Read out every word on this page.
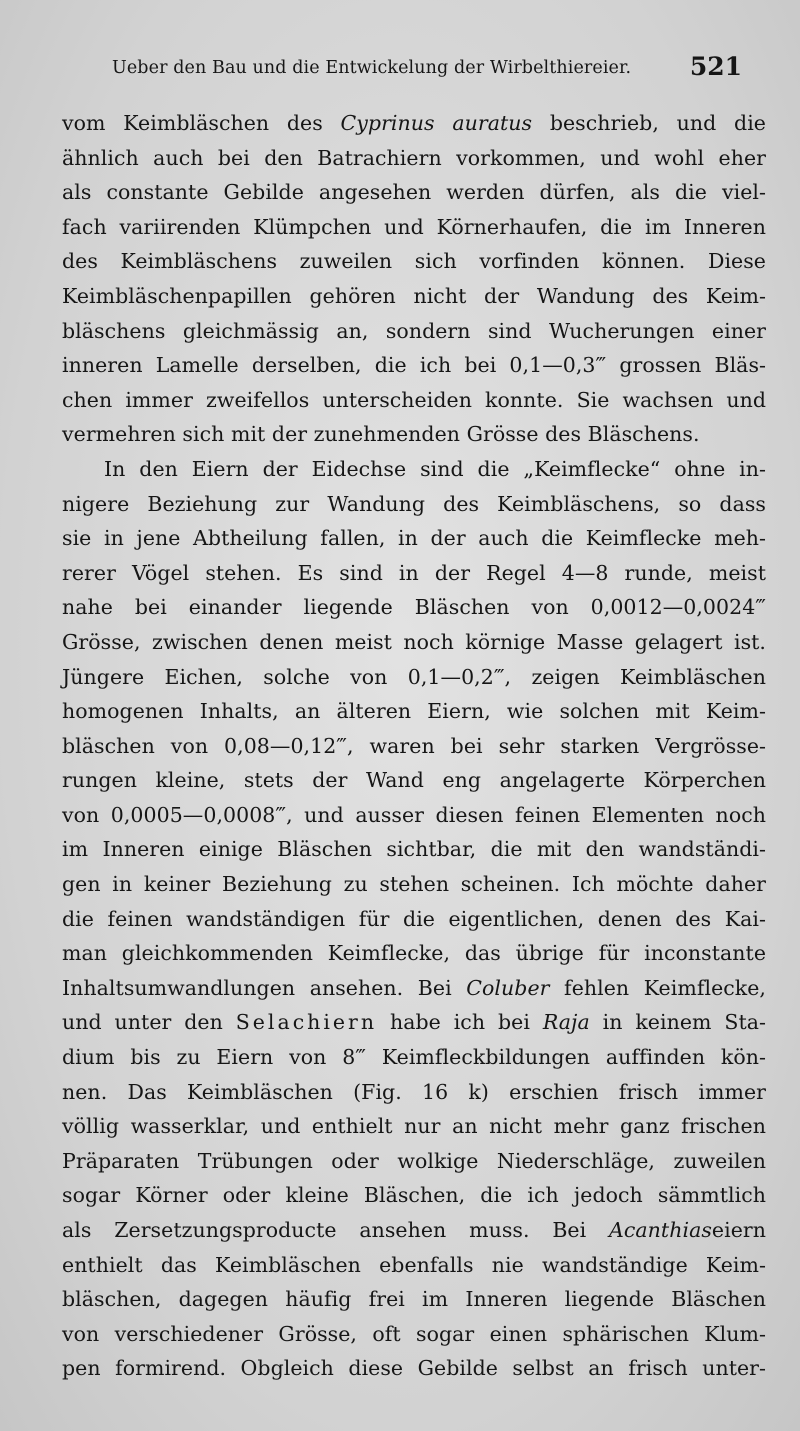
Ueber den Bau und die Entwickelung der Wirbelthiereier. 521
vom Keimbläschen des Cyprinus auratus beschrieb, und die
ähnlich auch bei den Batrachiern vorkommen, und wohl eher
als constante Gebilde angesehen werden dürfen, als die viel-
fach variirenden Klümpchen und Körnerhaufen, die im Inneren
des Keimbläschens zuweilen sich vorfinden können. Diese
Keimbläschenpapillen gehören nicht der Wandung des Keim-
bläschens gleichmässig an, sondern sind Wucherungen einer
inneren Lamelle derselben, die ich bei 0,1—0,3‴ grossen Bläs-
chen immer zweifellos unterscheiden konnte. Sie wachsen und
vermehren sich mit der zunehmenden Grösse des Bläschens.
In den Eiern der Eidechse sind die „Keimflecke“ ohne in-
nigere Beziehung zur Wandung des Keimbläschens, so dass
sie in jene Abtheilung fallen, in der auch die Keimflecke meh-
rerer Vögel stehen. Es sind in der Regel 4—8 runde, meist
nahe bei einander liegende Bläschen von 0,0012—0,0024‴
Grösse, zwischen denen meist noch körnige Masse gelagert ist.
Jüngere Eichen, solche von 0,1—0,2‴, zeigen Keimbläschen
homogenen Inhalts, an älteren Eiern, wie solchen mit Keim-
bläschen von 0,08—0,12‴, waren bei sehr starken Vergrösse-
rungen kleine, stets der Wand eng angelagerte Körperchen
von 0,0005—0,0008‴, und ausser diesen feinen Elementen noch
im Inneren einige Bläschen sichtbar, die mit den wandständi-
gen in keiner Beziehung zu stehen scheinen. Ich möchte daher
die feinen wandständigen für die eigentlichen, denen des Kai-
man gleichkommenden Keimflecke, das übrige für inconstante
Inhaltsumwandlungen ansehen. Bei Coluber fehlen Keimflecke,
und unter den Selachiern habe ich bei Raja in keinem Sta-
dium bis zu Eiern von 8‴ Keimfleckbildungen auffinden kön-
nen. Das Keimbläschen (Fig. 16 k) erschien frisch immer
völlig wasserklar, und enthielt nur an nicht mehr ganz frischen
Präparaten Trübungen oder wolkige Niederschläge, zuweilen
sogar Körner oder kleine Bläschen, die ich jedoch sämmtlich
als Zersetzungsproducte ansehen muss. Bei Acanthiaseiern
enthielt das Keimbläschen ebenfalls nie wandständige Keim-
bläschen, dagegen häufig frei im Inneren liegende Bläschen
von verschiedener Grösse, oft sogar einen sphärischen Klum-
pen formirend. Obgleich diese Gebilde selbst an frisch unter-
